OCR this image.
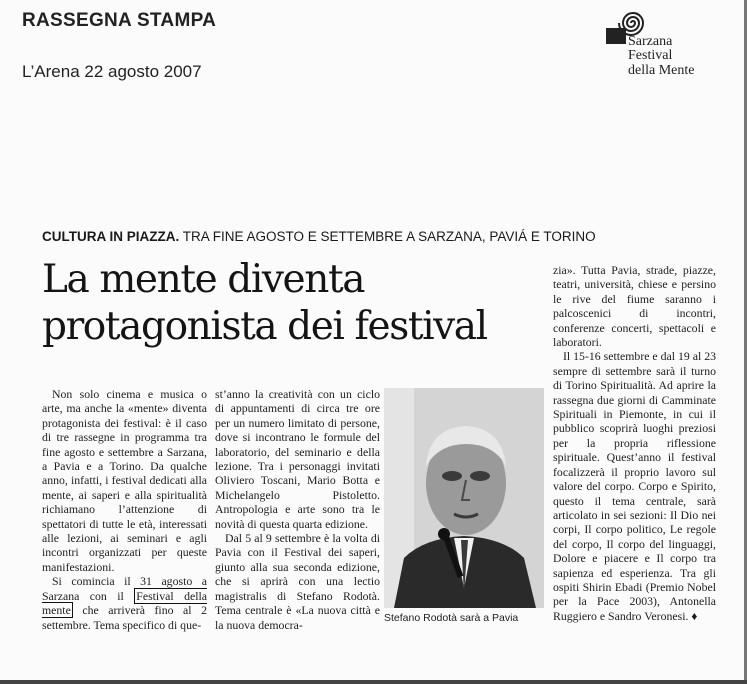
RASSEGNA STAMPA
L’Arena 22 agosto 2007
Sarzana
Festival
della Mente
CULTURA IN PIAZZA. TRA FINE AGOSTO E SETTEMBRE A SARZANA, PAVIÁ E TORINO
La mente diventa protagonista dei festival

Non solo cinema e musica o arte, ma anche la «mente» diventa protagonista dei festival: è il caso di tre rassegne in programma tra fine agosto e settembre a Sarzana, a Pavia e a Torino. Da qualche anno, infatti, i festival dedicati alla mente, ai saperi e alla spiritualità richiamano l’attenzione di spettatori di tutte le età, interessati alle lezioni, ai seminari e agli incontri organizzati per queste manifestazioni.

Si comincia il 31 agosto a Sarzana con il Festival della mente che arriverà fino al 2 settembre. Tema specifico di que-

st’anno la creatività con un ciclo di appuntamenti di circa tre ore per un numero limitato di persone, dove si incontrano le formule del laboratorio, del seminario e della lezione. Tra i personaggi invitati Oliviero Toscani, Mario Botta e Michelangelo Pistoletto. Antropologia e arte sono tra le novità di questa quarta edizione.

Dal 5 al 9 settembre è la volta di Pavia con il Festival dei saperi, giunto alla sua seconda edizione, che si aprirà con una lectio magistralis di Stefano Rodotà. Tema centrale è «La nuova città e la nuova democra-	Stefano Rodotà sarà a Pavia

zia». Tutta Pavia, strade, piazze, teatri, università, chiese e persino le rive del fiume saranno i palcoscenici di incontri, conferenze concerti, spettacoli e laboratori.

Il 15-16 settembre e dal 19 al 23 sempre di settembre sarà il turno di Torino Spiritualità. Ad aprire la rassegna due giorni di Camminate Spirituali in Piemonte, in cui il pubblico scoprirà luoghi preziosi per la propria riflessione spirituale. Quest’anno il festival focalizzerà il proprio lavoro sul valore del corpo. Corpo e Spirito, questo il tema centrale, sarà articolato in sei sezioni: Il Dio nei corpi, Il corpo politico, Le regole del corpo, Il corpo del linguaggi, Dolore e piacere e Il corpo tra sapienza ed esperienza. Tra gli ospiti Shirin Ebadi (Premio Nobel per la Pace 2003), Antonella Ruggiero e Sandro Veronesi. ♦
